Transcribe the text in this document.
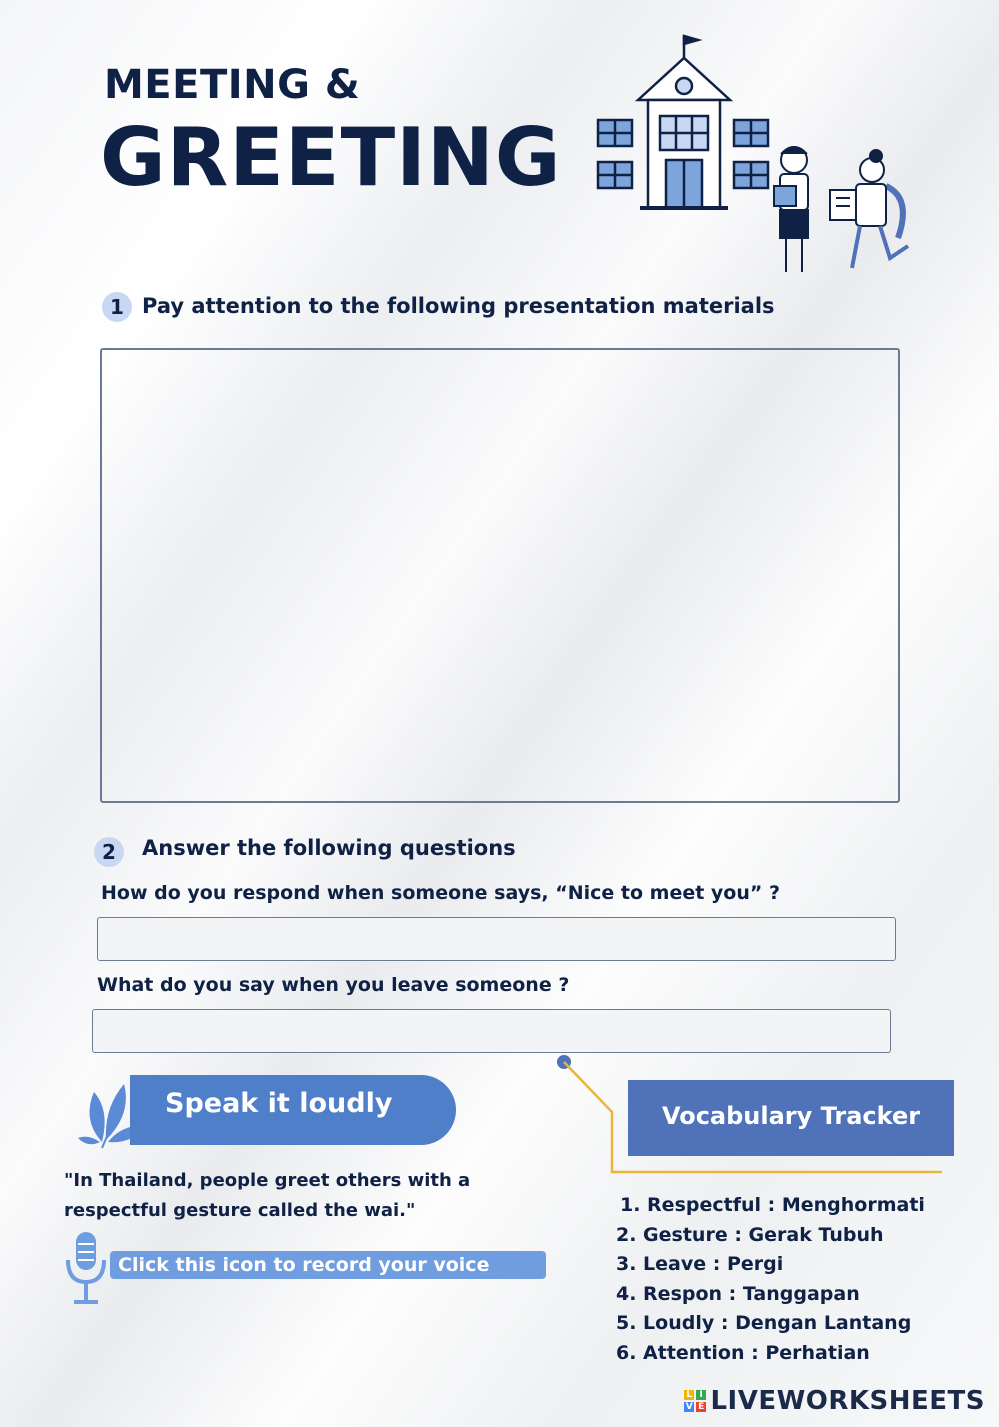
MEETING &
GREETING
1 Pay attention to the following presentation materials
2	Answer the following questions
How do you respond when someone says, “Nice to meet you” ?
What do you say when you leave someone ?
Speak it loudly
"In Thailand, people greet others with a
respectful gesture called the wai."
Click this icon to record your voice
Vocabulary Tracker
1. Respectful : Menghormati
2. Gesture : Gerak Tubuh
3. Leave : Pergi
4. Respon : Tanggapan
5. Loudly : Dengan Lantang
6. Attention : Perhatian
L I
V E LIVEWORKSHEETS
